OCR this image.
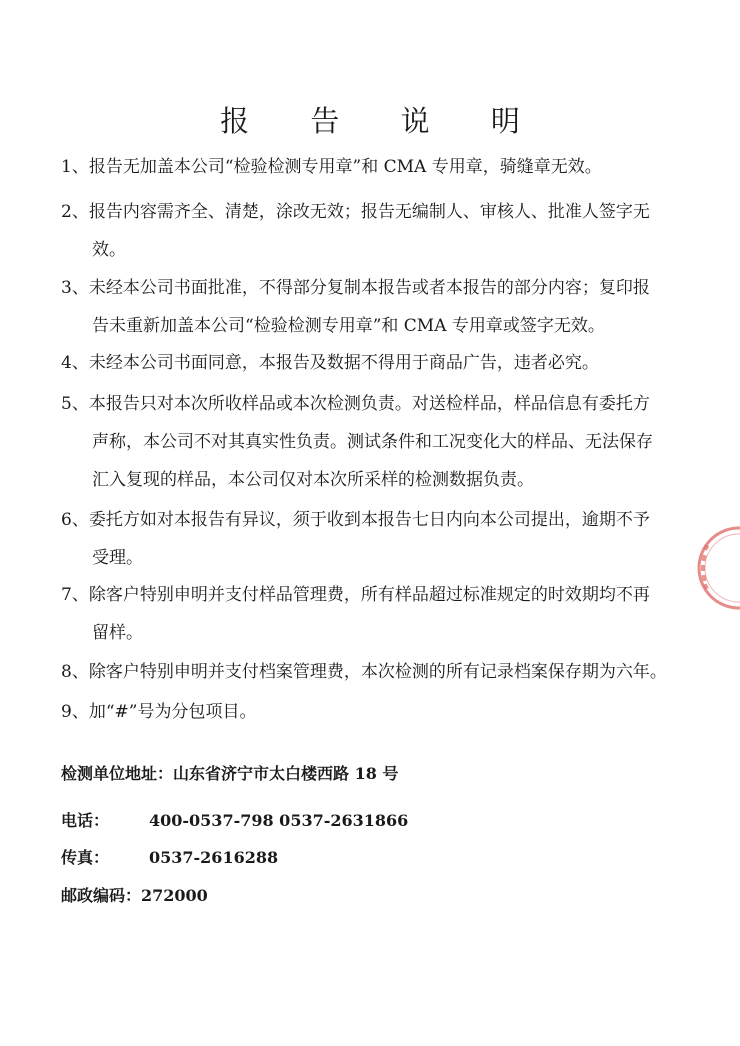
报 告 说 明
1、报告无加盖本公司“检验检测专用章”和 CMA 专用章，骑缝章无效。
2、报告内容需齐全、清楚，涂改无效；报告无编制人、审核人、批准人签字无
效。
3、未经本公司书面批准，不得部分复制本报告或者本报告的部分内容；复印报
告未重新加盖本公司“检验检测专用章”和 CMA 专用章或签字无效。
4、未经本公司书面同意，本报告及数据不得用于商品广告，违者必究。
5、本报告只对本次所收样品或本次检测负责。对送检样品，样品信息有委托方
声称，本公司不对其真实性负责。测试条件和工况变化大的样品、无法保存
汇入复现的样品，本公司仅对本次所采样的检测数据负责。
6、委托方如对本报告有异议，须于收到本报告七日内向本公司提出，逾期不予
受理。
7、除客户特别申明并支付样品管理费，所有样品超过标准规定的时效期均不再
留样。
8、除客户特别申明并支付档案管理费，本次检测的所有记录档案保存期为六年。
9、加“#”号为分包项目。
检测单位地址：山东省济宁市太白楼西路 18 号
电话： 400-0537-798 0537-2631866
传真： 0537-2616288
邮政编码：272000
